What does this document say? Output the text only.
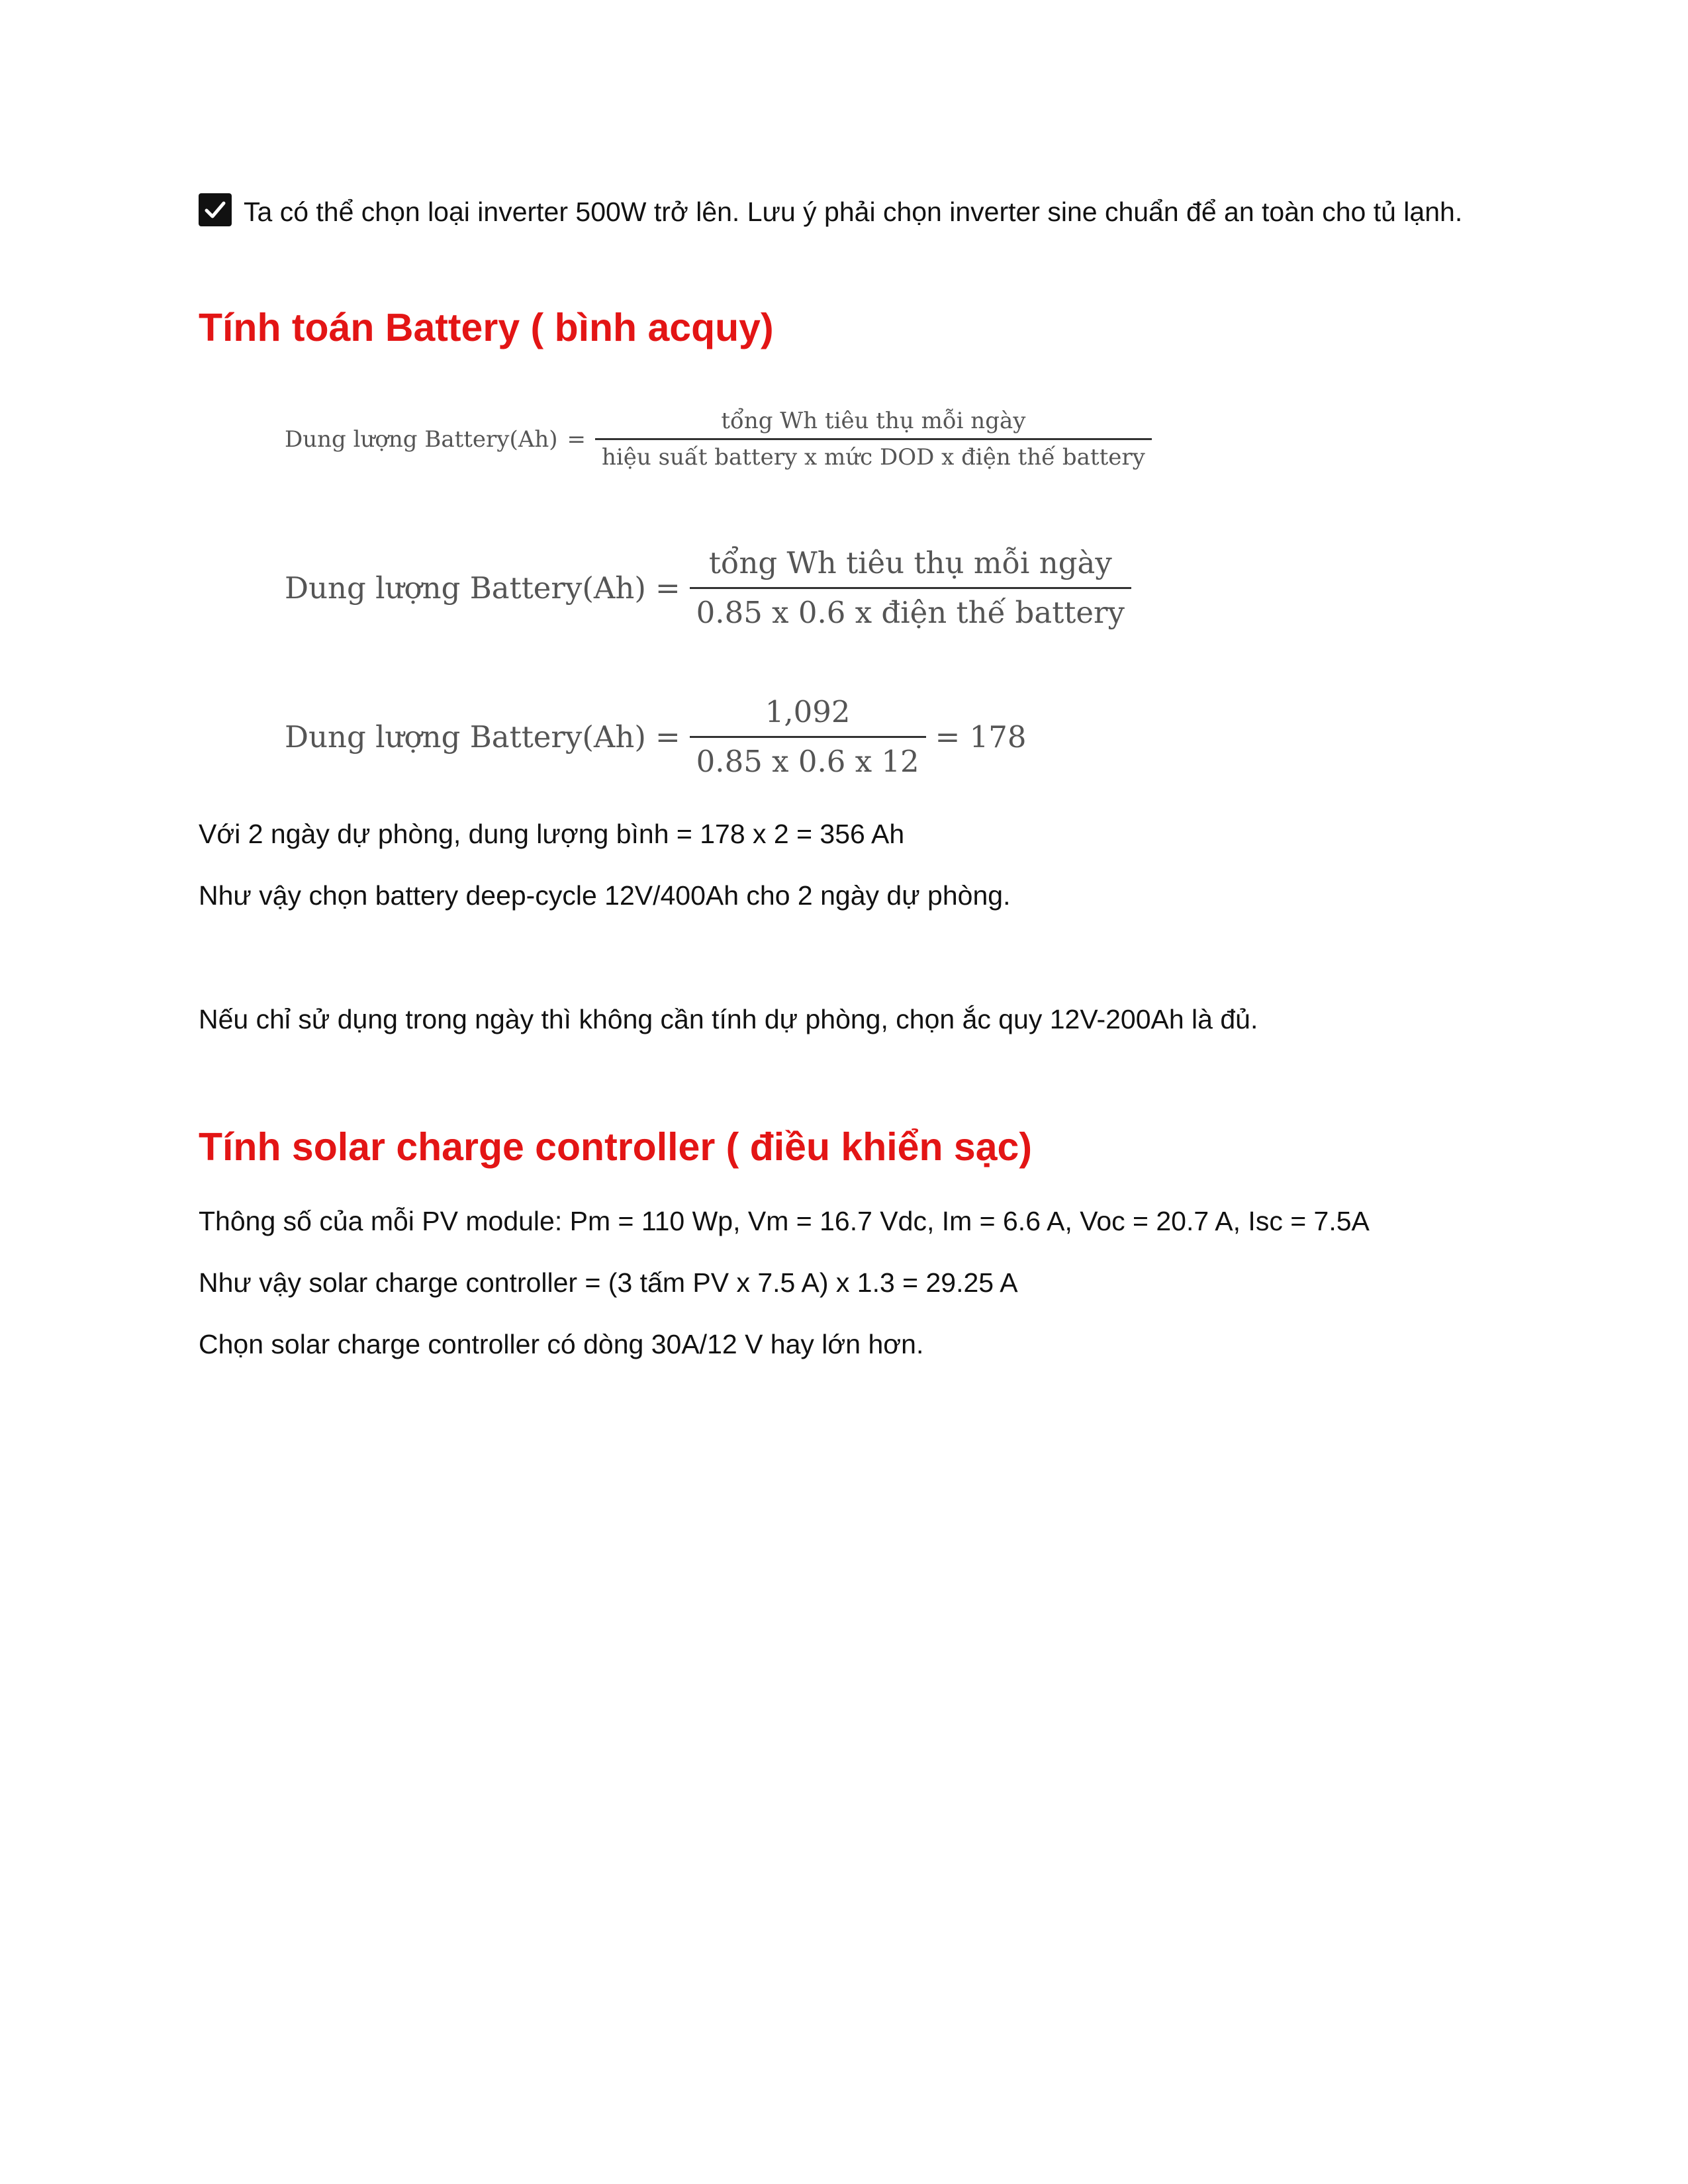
Ta có thể chọn loại inverter 500W trở lên. Lưu ý phải chọn inverter sine chuẩn để an toàn cho tủ lạnh.

Tính toán Battery ( bình acquy)
Dung lượng Battery(Ah) = $\frac{\text{tổng Wh tiêu thụ mỗi ngày}}{\text{hiệu suất battery x mức DOD x điện thế battery}}$
Dung lượng Battery(Ah) = $\frac{\text{tổng Wh tiêu thụ mỗi ngày}}{\text{0.85 x 0.6 x điện thế battery}}$
Dung lượng Battery(Ah) = $\frac{1,092}{0.85 x 0.6 x 12} = 178$

Với 2 ngày dự phòng, dung lượng bình = 178 x 2 = 356 Ah

Như vậy chọn battery deep-cycle 12V/400Ah cho 2 ngày dự phòng.

Nếu chỉ sử dụng trong ngày thì không cần tính dự phòng, chọn ắc quy 12V-200Ah là đủ.

Tính solar charge controller ( điều khiển sạc)

Thông số của mỗi PV module: Pm = 110 Wp, Vm = 16.7 Vdc, Im = 6.6 A, Voc = 20.7 A, Isc = 7.5A

Như vậy solar charge controller = (3 tấm PV x 7.5 A) x 1.3 = 29.25 A

Chọn solar charge controller có dòng 30A/12 V hay lớn hơn.
